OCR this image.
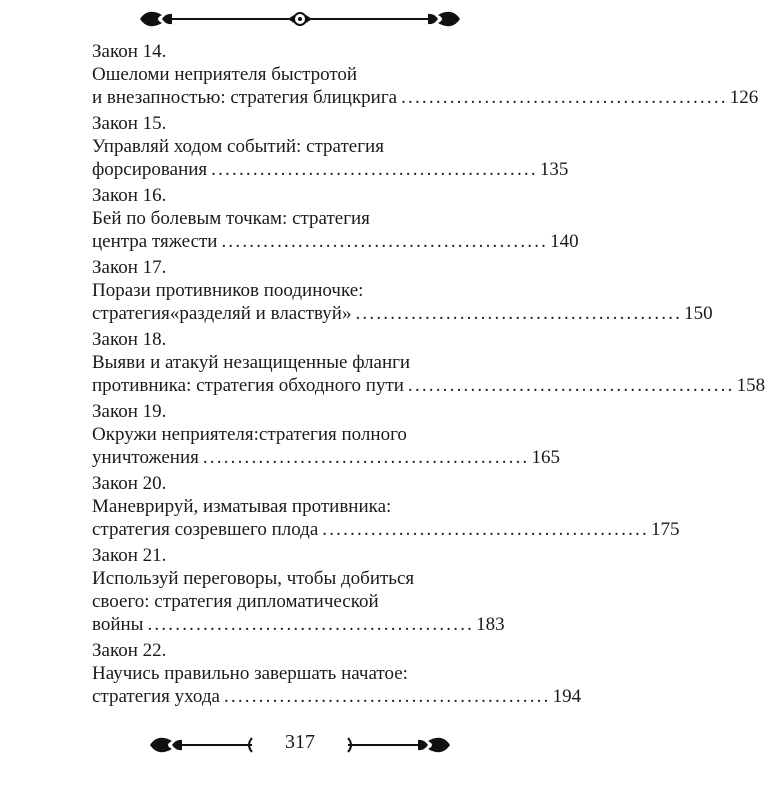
Закон 14.
Ошеломи неприятеля быстротой
и внезапностью: стратегия блицкрига ............................................... 126
Закон 15.
Управляй ходом событий: стратегия
форсирования ............................................... 135
Закон 16.
Бей по болевым точкам: стратегия
центра тяжести ............................................... 140
Закон 17.
Порази противников поодиночке:
стратегия«разделяй и властвуй» ............................................... 150
Закон 18.
Выяви и атакуй незащищенные фланги
противника: стратегия обходного пути ............................................... 158
Закон 19.
Окружи неприятеля:стратегия полного
уничтожения ............................................... 165
Закон 20.
Маневрируй, изматывая противника:
стратегия созревшего плода ............................................... 175
Закон 21.
Используй переговоры, чтобы добиться
своего: стратегия дипломатической
войны ............................................... 183
Закон 22.
Научись правильно завершать начатое:
стратегия ухода ............................................... 194
317
